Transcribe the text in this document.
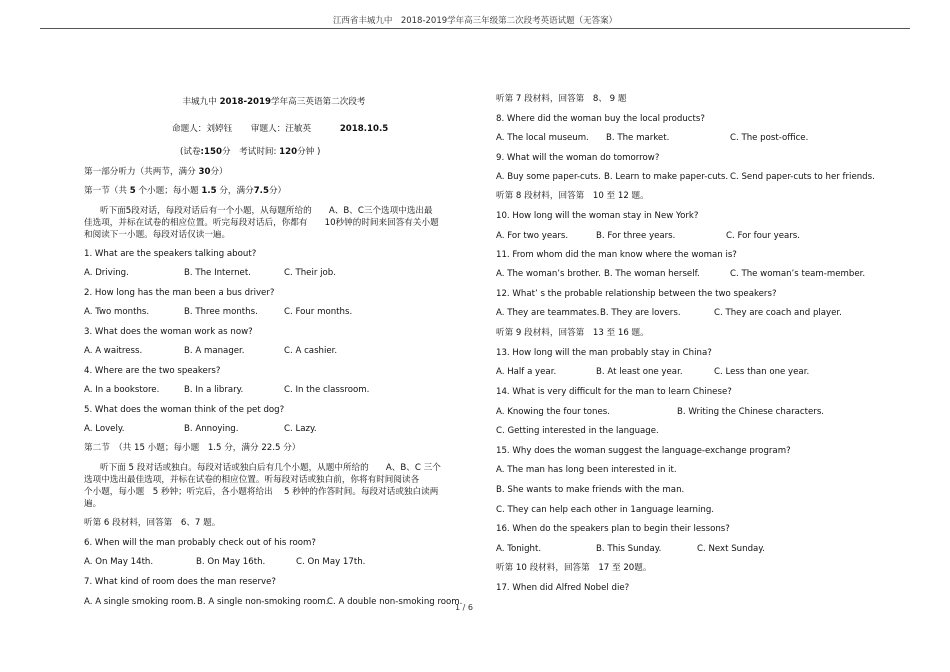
江西省丰城九中　2018-2019学年高三年级第二次段考英语试题（无答案）
丰城九中 2018-2019学年高三英语第二次段考
命题人：刘婷钰 审题人：汪敏英	2018.10.5
(试卷:150分　考试时间: 120分钟 )
第一部分听力（共两节，满分 30分）
第一节（共 5 个小题；每小题 1.5 分，满分7.5分）
听下面5段对话，每段对话后有一个小题，从每题所给的　　A、B、C三个选项中选出最
佳选项，并标在试卷的相应位置。听完每段对话后，你都有　　10秒钟的时间来回答有关小题
和阅读下一小题。每段对话仅读一遍。
1. What are the speakers talking about?
A. Driving.	B. The Internet.	C. Their job.
2. How long has the man been a bus driver?
A. Two months.	B. Three months.	C. Four months.
3. What does the woman work as now?
A. A waitress.	B. A manager.	C. A cashier.
4. Where are the two speakers?
A. In a bookstore.	B. In a library.	C. In the classroom.
5. What does the woman think of the pet dog?
A. Lovely.	B. Annoying.	C. Lazy.
第二节　（共 15 小题；每小题　1.5 分，满分 22.5 分）
听下面 5 段对话或独白。每段对话或独白后有几个小题，从题中所给的　　A、B、C 三个
选项中选出最佳选项，并标在试卷的相应位置。听每段对话或独白前，你将有时间阅读各
个小题，每小题　5 秒钟；听完后，各小题将给出　 5 秒钟的作答时间。每段对话或独白读两
遍。
听第 6 段材料，回答第　6、7 题。
6. When will the man probably check out of his room?
A. On May 14th.	B. On May 16th.	C. On May 17th.
7. What kind of room does the man reserve?
A. A single smoking room.B. A single non-smoking room.C. A double non-smoking room.
听第 7 段材料，回答第　8、 9 题
8. Where did the woman buy the local products?
A. The local museum. B. The market.	C. The post-office.
9. What will the woman do tomorrow?
A. Buy some paper-cuts. B. Learn to make paper-cuts. C. Send paper-cuts to her friends.
听第 8 段材料，回答第　10 至 12 题。
10. How long will the woman stay in New York?
A. For two years.	B. For three years.	C. For four years.
11. From whom did the man know where the woman is?
A. The woman’s brother. B. The woman herself.	C. The woman’s team-member.
12. What’ s the probable relationship between the two speakers?
A. They are teammates.B. They are lovers.	C. They are coach and player.
听第 9 段材料，回答第　13 至 16 题。
13. How long will the man probably stay in China?
A. Half a year.	B. At least one year.	C. Less than one year.
14. What is very difficult for the man to learn Chinese?
A. Knowing the four tones.	B. Writing the Chinese characters.
C. Getting interested in the language.
15. Why does the woman suggest the language-exchange program?
A. The man has long been interested in it.
B. She wants to make friends with the man.
C. They can help each other in 1anguage learning.
16. When do the speakers plan to begin their lessons?
A. Tonight.	B. This Sunday.	C. Next Sunday.
听第 10 段材料，回答第　17 至 20题。
17. When did Alfred Nobel die?
1 / 6
